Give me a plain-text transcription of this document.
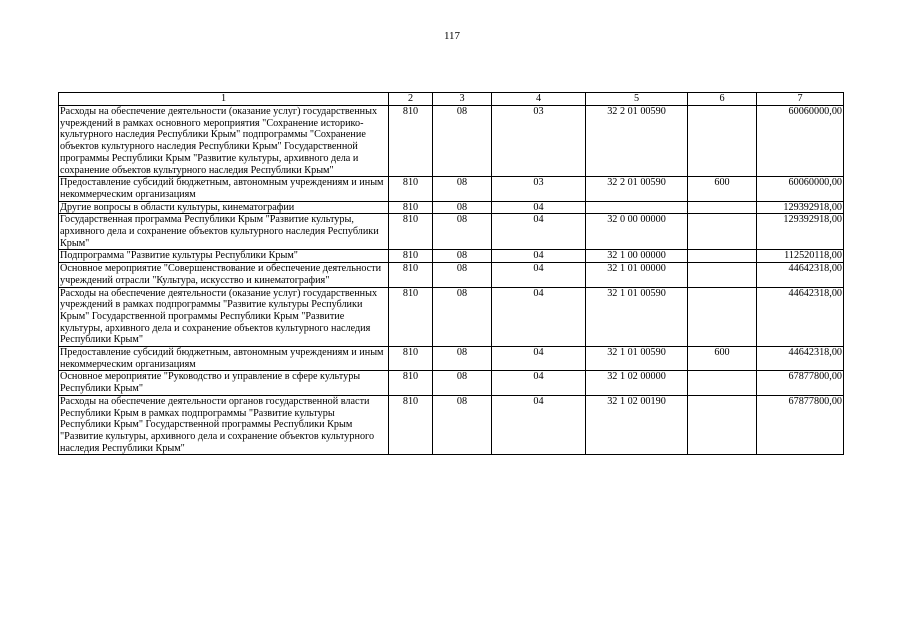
117
1	2	3	4	5	6	7
Расходы на обеспечение деятельности (оказание услуг) государственных учреждений в рамках основного мероприятия "Сохранение историко-культурного наследия Республики Крым" подпрограммы "Сохранение объектов культурного наследия Республики Крым" Государственной программы Республики Крым "Развитие культуры, архивного дела и сохранение объектов культурного наследия Республики Крым"	810	08	03	32 2 01 00590		60060000,00
Предоставление субсидий бюджетным, автономным учреждениям и иным некоммерческим организациям	810	08	03	32 2 01 00590	600	60060000,00
Другие вопросы в области культуры, кинематографии	810	08	04			129392918,00
Государственная программа Республики Крым "Развитие культуры, архивного дела и сохранение объектов культурного наследия Республики Крым"	810	08	04	32 0 00 00000		129392918,00
Подпрограмма "Развитие культуры Республики Крым"	810	08	04	32 1 00 00000		112520118,00
Основное мероприятие "Совершенствование и обеспечение деятельности учреждений отрасли "Культура, искусство и кинематография"	810	08	04	32 1 01 00000		44642318,00
Расходы на обеспечение деятельности (оказание услуг) государственных учреждений в рамках подпрограммы "Развитие культуры Республики Крым" Государственной программы Республики Крым "Развитие культуры, архивного дела и сохранение объектов культурного наследия Республики Крым"	810	08	04	32 1 01 00590		44642318,00
Предоставление субсидий бюджетным, автономным учреждениям и иным некоммерческим организациям	810	08	04	32 1 01 00590	600	44642318,00
Основное мероприятие "Руководство и управление в сфере культуры Республики Крым"	810	08	04	32 1 02 00000		67877800,00
Расходы на обеспечение деятельности органов государственной власти Республики Крым в рамках подпрограммы "Развитие культуры Республики Крым" Государственной программы Республики Крым "Развитие культуры, архивного дела и сохранение объектов культурного наследия Республики Крым"	810	08	04	32 1 02 00190		67877800,00
